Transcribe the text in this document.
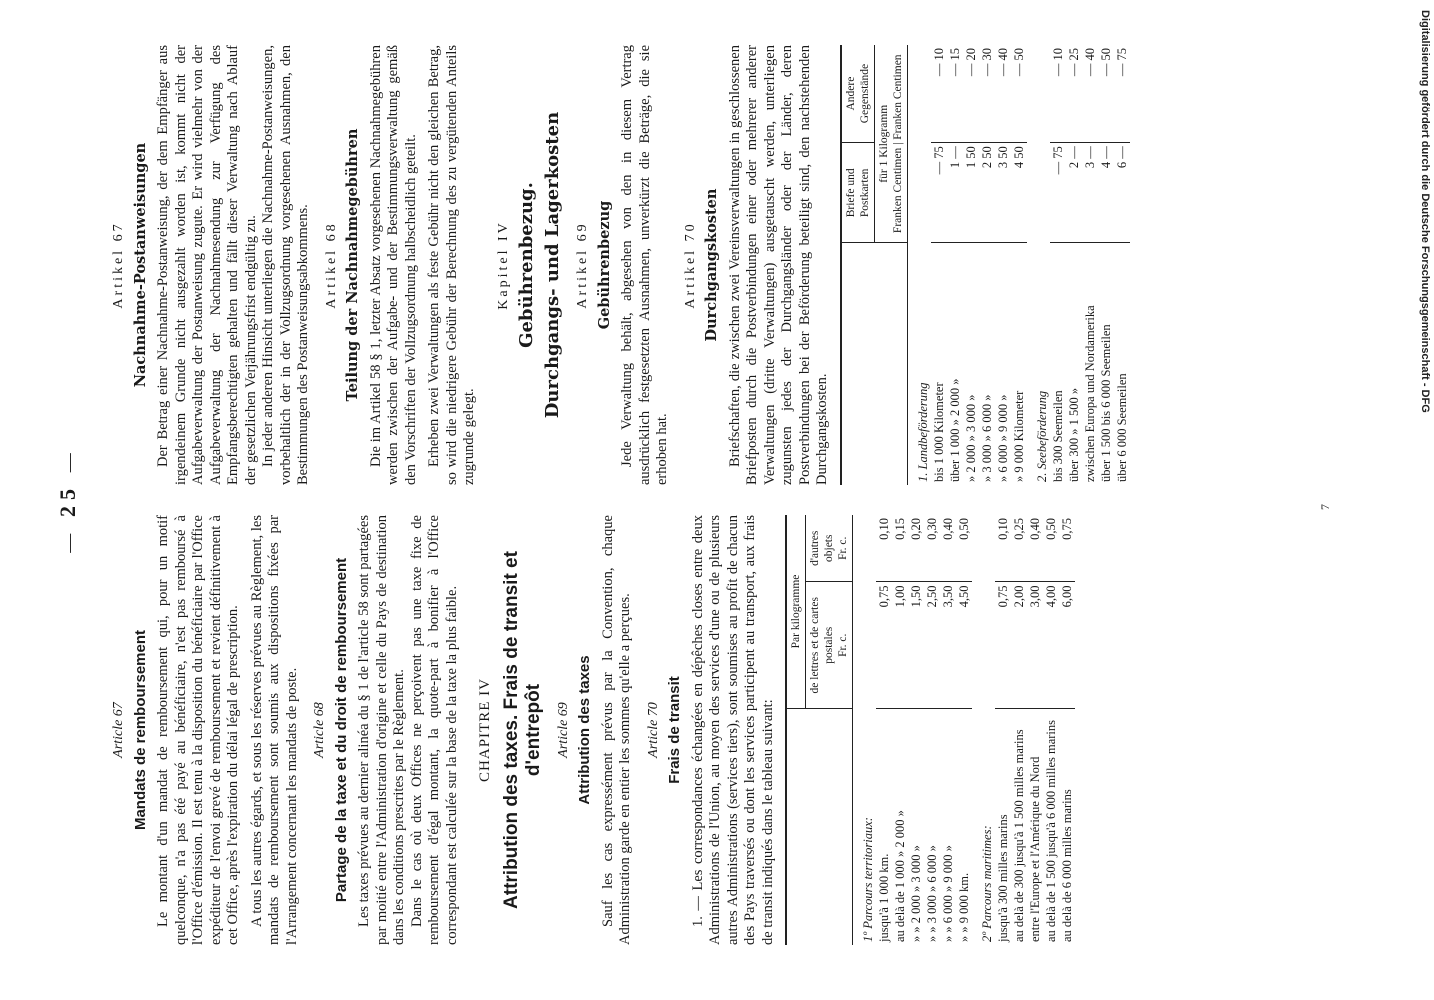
Digitalisierung gefördert durch die Deutsche Forschungsgemeinschaft - DFG
— 25 —
Article 67 Mandats de remboursement Le montant d'un mandat de remboursement qui, pour un motif quelconque, n'a pas été payé au bénéficiaire, n'est pas remboursé à l'Office d'émission. Il est tenu à la disposition du bénéficiaire par l'Office expéditeur de l'envoi grevé de remboursement et revient définitivement à cet Office, après l'expiration du délai légal de prescription. A tous les autres égards, et sous les réserves prévues au Règlement, les mandats de remboursement sont soumis aux dispositions fixées par l'Arrangement concernant les mandats de poste. Article 68 Partage de la taxe et du droit de remboursement Les taxes prévues au dernier alinéa du § 1 de l'article 58 sont partagées par moitié entre l'Administration d'origine et celle du Pays de destination dans les conditions prescrites par le Règlement. Dans le cas où deux Offices ne perçoivent pas une taxe fixe de remboursement d'égal montant, la quote-part à bonifier à l'Office correspondant est calculée sur la base de la taxe la plus faible. CHAPITRE IV Attribution des taxes. Frais de transit et d'entrepôt Article 69 Attribution des taxes Sauf les cas expressément prévus par la Convention, chaque Administration garde en entier les sommes qu'elle a perçues. Article 70 Frais de transit 1. — Les correspondances échangées en dépêches closes entre deux Administrations de l'Union, au moyen des services d'une ou de plusieurs autres Administrations (services tiers), sont soumises au profit de chacun des Pays traversés ou dont les services participent au transport, aux frais de transit indiqués dans le tableau suivant:

	Par kilogramme	
	de lettres et de cartes postales Fr. c.	d'autres objets Fr. c.
1º Parcours territoriaux:		
jusqu'à 1 000 km.	0,75	0,10
au delà de 1 000 » 2 000 »	1,00	0,15
» » 2 000 » 3 000 »	1,50	0,20
» » 3 000 » 6 000 »	2,50	0,30
» » 6 000 » 9 000 »	3,50	0,40
» » 9 000 km.	4,50	0,50
2º Parcours maritimes:		
jusqu'à 300 milles marins	0,75	0,10
au delà de 300 jusqu'à 1 500 milles marins	2,00	0,25
entre l'Europe et l'Amérique du Nord	3,00	0,40
au delà de 1 500 jusqu'à 6 000 milles marins	4,00	0,50
au delà de 6 000 milles marins	6,00	0,75
Artikel 67 Nachnahme-Postanweisungen Der Betrag einer Nachnahme-Postanweisung, der dem Empfänger aus irgendeinem Grunde nicht ausgezahlt worden ist, kommt nicht der Aufgabeverwaltung der Postanweisung zugute. Er wird vielmehr von der Aufgabeverwaltung der Nachnahmesendung zur Verfügung des Empfangsberechtigten gehalten und fällt dieser Verwaltung nach Ablauf der gesetzlichen Verjährungsfrist endgültig zu. In jeder anderen Hinsicht unterliegen die Nachnahme-Postanweisungen, vorbehaltlich der in der Vollzugsordnung vorgesehenen Ausnahmen, den Bestimmungen des Postanweisungsabkommens. Artikel 68 Teilung der Nachnahmegebühren Die im Artikel 58 § 1, letzter Absatz vorgesehenen Nachnahmegebühren werden zwischen der Aufgabe- und der Bestimmungsverwaltung gemäß den Vorschriften der Vollzugsordnung halbscheidlich geteilt. Erheben zwei Verwaltungen als feste Gebühr nicht den gleichen Betrag, so wird die niedrigere Gebühr der Berechnung des zu vergütenden Anteils zugrunde gelegt.

Kapitel IV Gebührenbezug. Durchgangs- und Lagerkosten Artikel 69 Gebührenbezug Jede Verwaltung behält, abgesehen von den in diesem Vertrag ausdrücklich festgesetzten Ausnahmen, unverkürzt die Beträge, die sie erhoben hat.

Artikel 70 Durchgangskosten Briefschaften, die zwischen zwei Vereinsverwaltungen in geschlossenen Briefposten durch die Postverbindungen einer oder mehrerer anderer Verwaltungen (dritte Verwaltungen) ausgetauscht werden, unterliegen zugunsten jedes der Durchgangsländer oder der Länder, deren Postverbindungen bei der Beförderung beteiligt sind, den nachstehenden Durchgangskosten.

	Briefe und Postkarten	Andere Gegenstände
	für 1 Kilogramm
Franken Centimen | Franken Centimen	
1. Landbeförderung		
bis 1 000 Kilometer	— 75	— 10
über 1 000 » 2 000 »	1 —	— 15
» 2 000 » 3 000 »	1 50	— 20
» 3 000 » 6 000 »	2 50	— 30
» 6 000 » 9 000 »	3 50	— 40
» 9 000 Kilometer	4 50	— 50
2. Seebeförderung		
bis 300 Seemeilen	— 75	— 10
über 300 » 1 500 »	2 —	— 25
zwischen Europa und Nordamerika	3 —	— 40
über 1 500 bis 6 000 Seemeilen	4 —	— 50
über 6 000 Seemeilen	6 —	— 75
7
